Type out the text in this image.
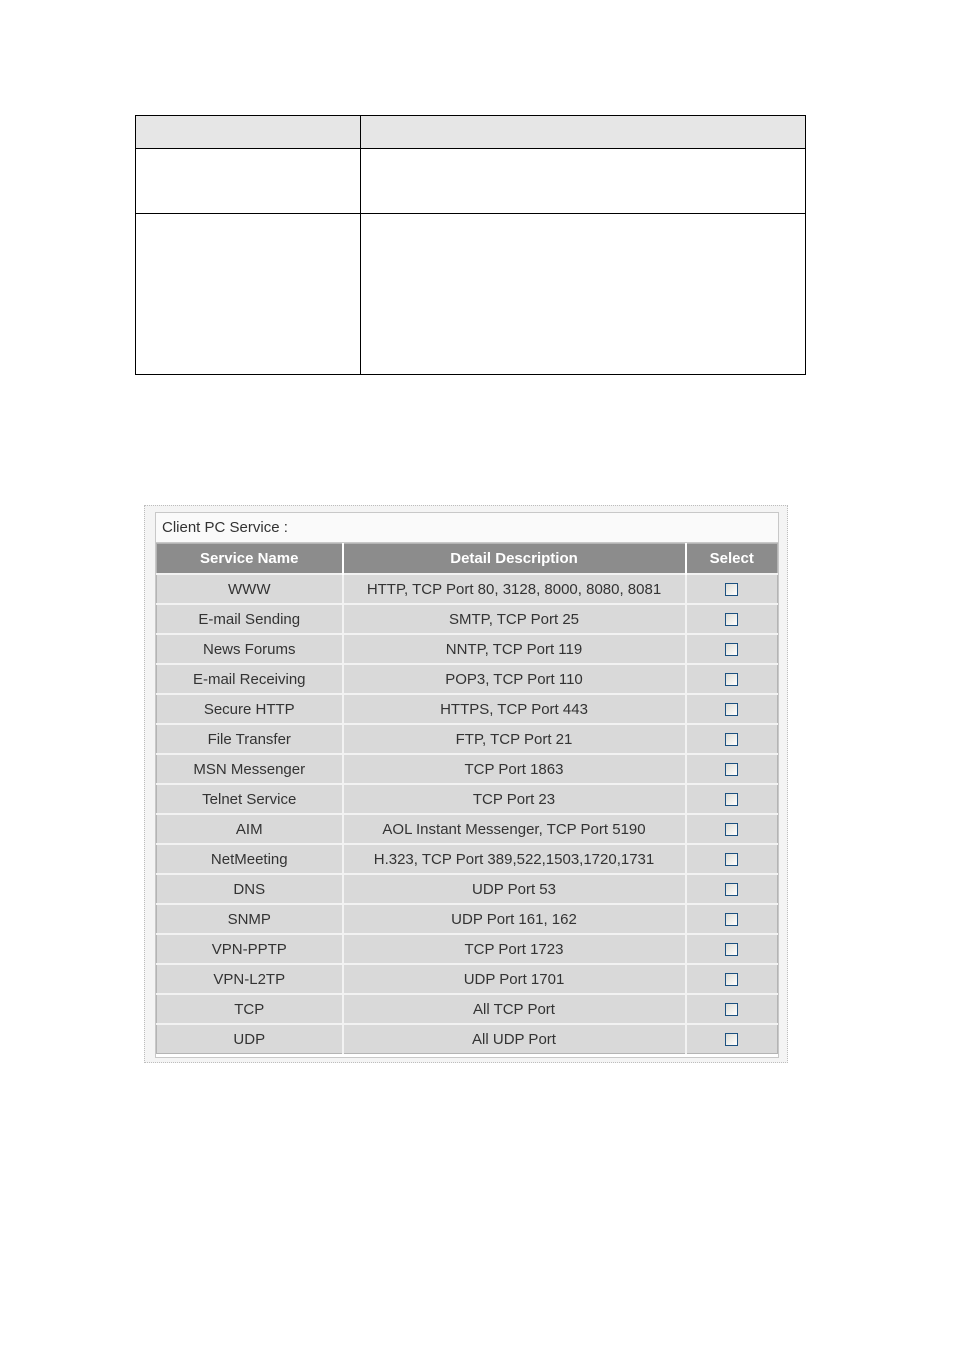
Client PC Service :
Service Name	Detail Description	Select
WWW	HTTP, TCP Port 80, 3128, 8000, 8080, 8081	
E-mail Sending	SMTP, TCP Port 25	
News Forums	NNTP, TCP Port 119	
E-mail Receiving	POP3, TCP Port 110	
Secure HTTP	HTTPS, TCP Port 443	
File Transfer	FTP, TCP Port 21	
MSN Messenger	TCP Port 1863	
Telnet Service	TCP Port 23	
AIM	AOL Instant Messenger, TCP Port 5190	
NetMeeting	H.323, TCP Port 389,522,1503,1720,1731	
DNS	UDP Port 53	
SNMP	UDP Port 161, 162	
VPN-PPTP	TCP Port 1723	
VPN-L2TP	UDP Port 1701	
TCP	All TCP Port	
UDP	All UDP Port	
